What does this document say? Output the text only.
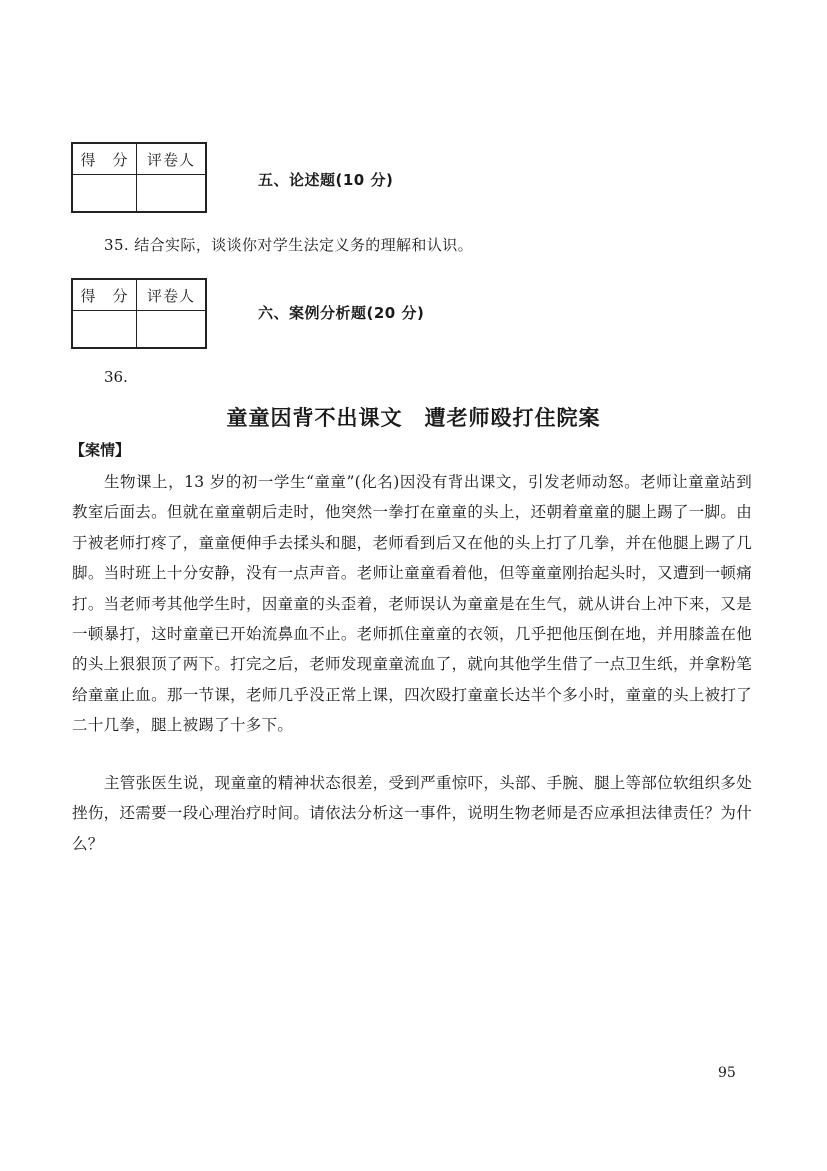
得　分	评卷人

五、论述题(10 分)
35. 结合实际，谈谈你对学生法定义务的理解和认识。
得　分	评卷人

六、案例分析题(20 分)
36.
童童因背不出课文　遭老师殴打住院案
【案情】

生物课上，13 岁的初一学生“童童”(化名)因没有背出课文，引发老师动怒。老师让童童站到教室后面去。但就在童童朝后走时，他突然一拳打在童童的头上，还朝着童童的腿上踢了一脚。由于被老师打疼了，童童便伸手去揉头和腿，老师看到后又在他的头上打了几拳，并在他腿上踢了几脚。当时班上十分安静，没有一点声音。老师让童童看着他，但等童童刚抬起头时，又遭到一顿痛打。当老师考其他学生时，因童童的头歪着，老师误认为童童是在生气，就从讲台上冲下来，又是一顿暴打，这时童童已开始流鼻血不止。老师抓住童童的衣领，几乎把他压倒在地，并用膝盖在他的头上狠狠顶了两下。打完之后，老师发现童童流血了，就向其他学生借了一点卫生纸，并拿粉笔给童童止血。那一节课，老师几乎没正常上课，四次殴打童童长达半个多小时，童童的头上被打了二十几拳，腿上被踢了十多下。

主管张医生说，现童童的精神状态很差，受到严重惊吓，头部、手腕、腿上等部位软组织多处挫伤，还需要一段心理治疗时间。请依法分析这一事件，说明生物老师是否应承担法律责任？为什么？

95
